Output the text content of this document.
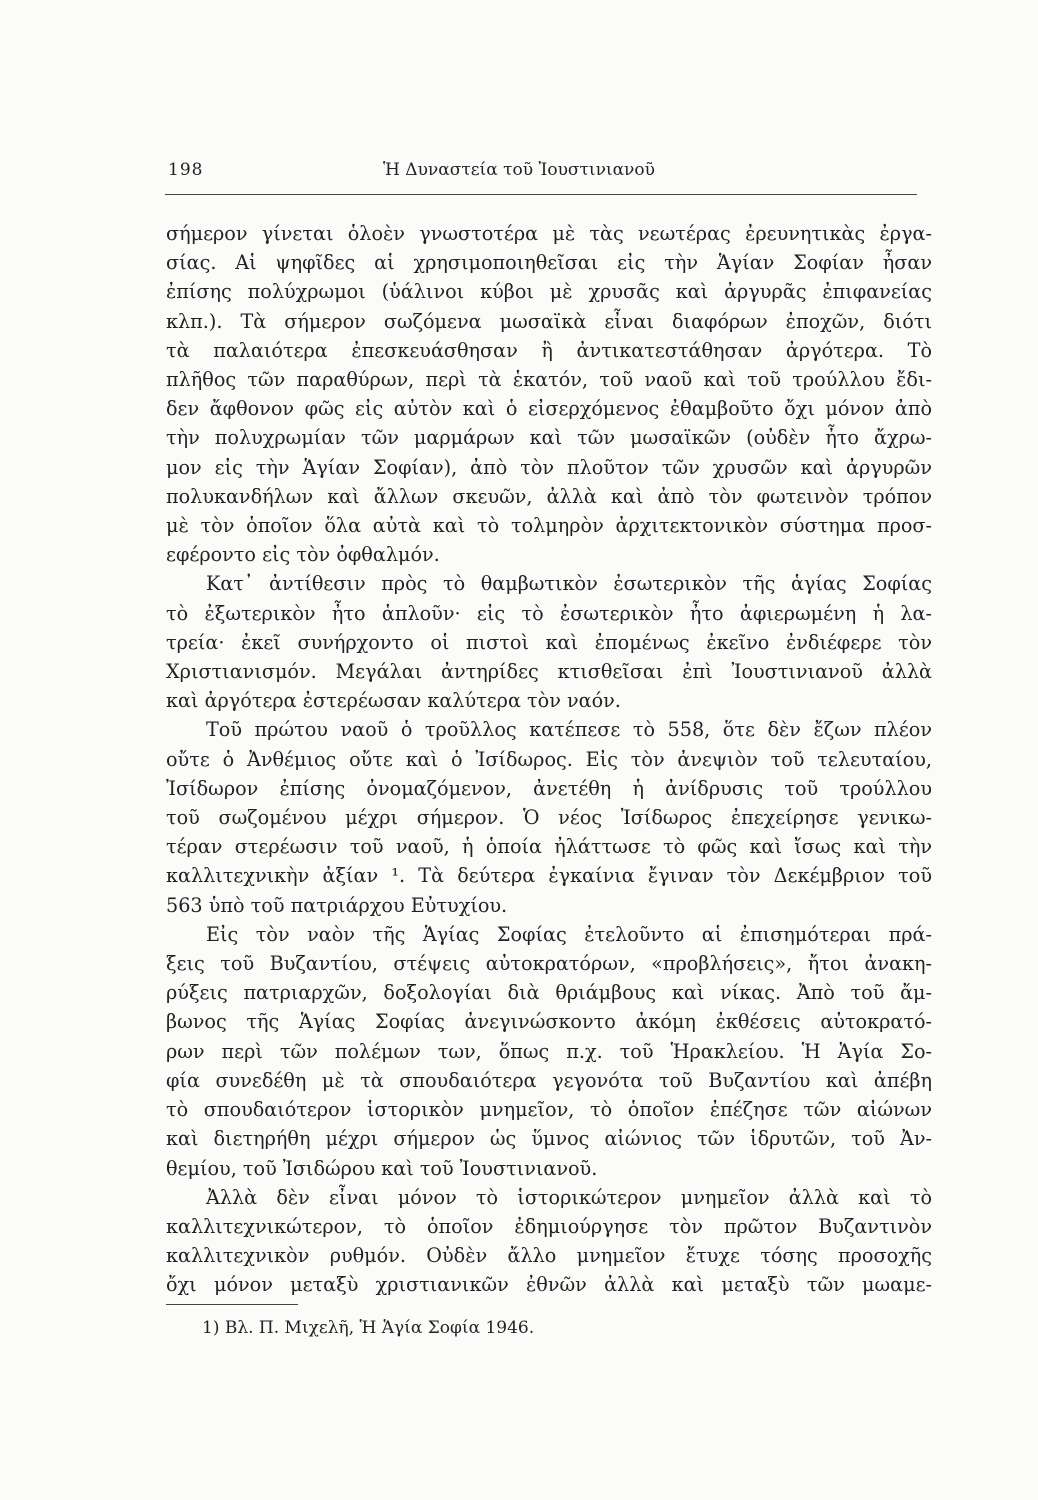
198	Ἡ Δυναστεία τοῦ Ἰουστινιανοῦ
σήμερον γίνεται ὁλοὲν γνωστοτέρα μὲ τὰς νεωτέρας ἐρευνητικὰς ἐργα-
σίας. Αἱ ψηφῖδες αἱ χρησιμοποιηθεῖσαι εἰς τὴν Ἁγίαν Σοφίαν ἦσαν
ἐπίσης πολύχρωμοι (ὑάλινοι κύβοι μὲ χρυσᾶς καὶ ἀργυρᾶς ἐπιφανείας
κλπ.). Τὰ σήμερον σωζόμενα μωσαϊκὰ εἶναι διαφόρων ἐποχῶν, διότι
τὰ παλαιότερα ἐπεσκευάσθησαν ἢ ἀντικατεστάθησαν ἀργότερα. Τὸ
πλῆθος τῶν παραθύρων, περὶ τὰ ἑκατόν, τοῦ ναοῦ καὶ τοῦ τρούλλου ἔδι-
δεν ἄφθονον φῶς εἰς αὐτὸν καὶ ὁ εἰσερχόμενος ἐθαμβοῦτο ὄχι μόνον ἀπὸ
τὴν πολυχρωμίαν τῶν μαρμάρων καὶ τῶν μωσαϊκῶν (οὐδὲν ἦτο ἄχρω-
μον εἰς τὴν Ἁγίαν Σοφίαν), ἀπὸ τὸν πλοῦτον τῶν χρυσῶν καὶ ἀργυρῶν
πολυκανδήλων καὶ ἄλλων σκευῶν, ἀλλὰ καὶ ἀπὸ τὸν φωτεινὸν τρόπον
μὲ τὸν ὁποῖον ὅλα αὐτὰ καὶ τὸ τολμηρὸν ἀρχιτεκτονικὸν σύστημα προσ-
εφέροντο εἰς τὸν ὀφθαλμόν.
Κατ᾽ ἀντίθεσιν πρὸς τὸ θαμβωτικὸν ἐσωτερικὸν τῆς ἁγίας Σοφίας
τὸ ἐξωτερικὸν ἦτο ἁπλοῦν· εἰς τὸ ἐσωτερικὸν ἦτο ἀφιερωμένη ἡ λα-
τρεία· ἐκεῖ συνήρχοντο οἱ πιστοὶ καὶ ἐπομένως ἐκεῖνο ἐνδιέφερε τὸν
Χριστιανισμόν. Μεγάλαι ἀντηρίδες κτισθεῖσαι ἐπὶ Ἰουστινιανοῦ ἀλλὰ
καὶ ἀργότερα ἐστερέωσαν καλύτερα τὸν ναόν.
Τοῦ πρώτου ναοῦ ὁ τροῦλλος κατέπεσε τὸ 558, ὅτε δὲν ἔζων πλέον
οὔτε ὁ Ἀνθέμιος οὔτε καὶ ὁ Ἰσίδωρος. Εἰς τὸν ἀνεψιὸν τοῦ τελευταίου,
Ἰσίδωρον ἐπίσης ὀνομαζόμενον, ἀνετέθη ἡ ἀνίδρυσις τοῦ τρούλλου
τοῦ σωζομένου μέχρι σήμερον. Ὁ νέος Ἰσίδωρος ἐπεχείρησε γενικω-
τέραν στερέωσιν τοῦ ναοῦ, ἡ ὁποία ἠλάττωσε τὸ φῶς καὶ ἴσως καὶ τὴν
καλλιτεχνικὴν ἀξίαν ¹. Τὰ δεύτερα ἐγκαίνια ἔγιναν τὸν Δεκέμβριον τοῦ
563 ὑπὸ τοῦ πατριάρχου Εὐτυχίου.
Εἰς τὸν ναὸν τῆς Ἁγίας Σοφίας ἐτελοῦντο αἱ ἐπισημότεραι πρά-
ξεις τοῦ Βυζαντίου, στέψεις αὐτοκρατόρων, «προβλήσεις», ἤτοι ἀνακη-
ρύξεις πατριαρχῶν, δοξολογίαι διὰ θριάμβους καὶ νίκας. Ἀπὸ τοῦ ἄμ-
βωνος τῆς Ἁγίας Σοφίας ἀνεγινώσκοντο ἀκόμη ἐκθέσεις αὐτοκρατό-
ρων περὶ τῶν πολέμων των, ὅπως π.χ. τοῦ Ἡρακλείου. Ἡ Ἁγία Σο-
φία συνεδέθη μὲ τὰ σπουδαιότερα γεγονότα τοῦ Βυζαντίου καὶ ἀπέβη
τὸ σπουδαιότερον ἱστορικὸν μνημεῖον, τὸ ὁποῖον ἐπέζησε τῶν αἰώνων
καὶ διετηρήθη μέχρι σήμερον ὡς ὕμνος αἰώνιος τῶν ἱδρυτῶν, τοῦ Ἀν-
θεμίου, τοῦ Ἰσιδώρου καὶ τοῦ Ἰουστινιανοῦ.
Ἀλλὰ δὲν εἶναι μόνον τὸ ἱστορικώτερον μνημεῖον ἀλλὰ καὶ τὸ
καλλιτεχνικώτερον, τὸ ὁποῖον ἐδημιούργησε τὸν πρῶτον Βυζαντινὸν
καλλιτεχνικὸν ρυθμόν. Οὐδὲν ἄλλο μνημεῖον ἔτυχε τόσης προσοχῆς
ὄχι μόνον μεταξὺ χριστιανικῶν ἐθνῶν ἀλλὰ καὶ μεταξὺ τῶν μωαμε-
1) Βλ. Π. Μιχελῆ, Ἡ Ἁγία Σοφία 1946.
